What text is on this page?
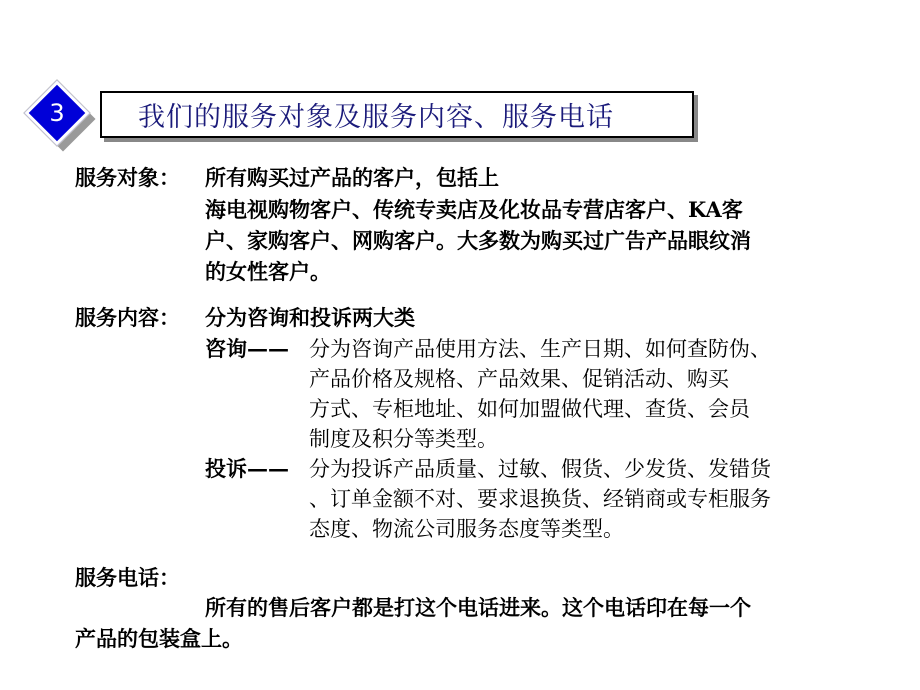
3	我们的服务对象及服务内容、服务电话
服务对象： 所有购买过产品的客户，包括上
海电视购物客户、传统专卖店及化妆品专营店客户、KA客
户、家购客户、网购客户。大多数为购买过广告产品眼纹消
的女性客户。
服务内容： 分为咨询和投诉两大类
咨询—— 分为咨询产品使用方法、生产日期、如何查防伪、
产品价格及规格、产品效果、促销活动、购买
方式、专柜地址、如何加盟做代理、查货、会员
制度及积分等类型。
投诉—— 分为投诉产品质量、过敏、假货、少发货、发错货
、订单金额不对、要求退换货、经销商或专柜服务
态度、物流公司服务态度等类型。
服务电话：
所有的售后客户都是打这个电话进来。这个电话印在每一个
产品的包装盒上。
